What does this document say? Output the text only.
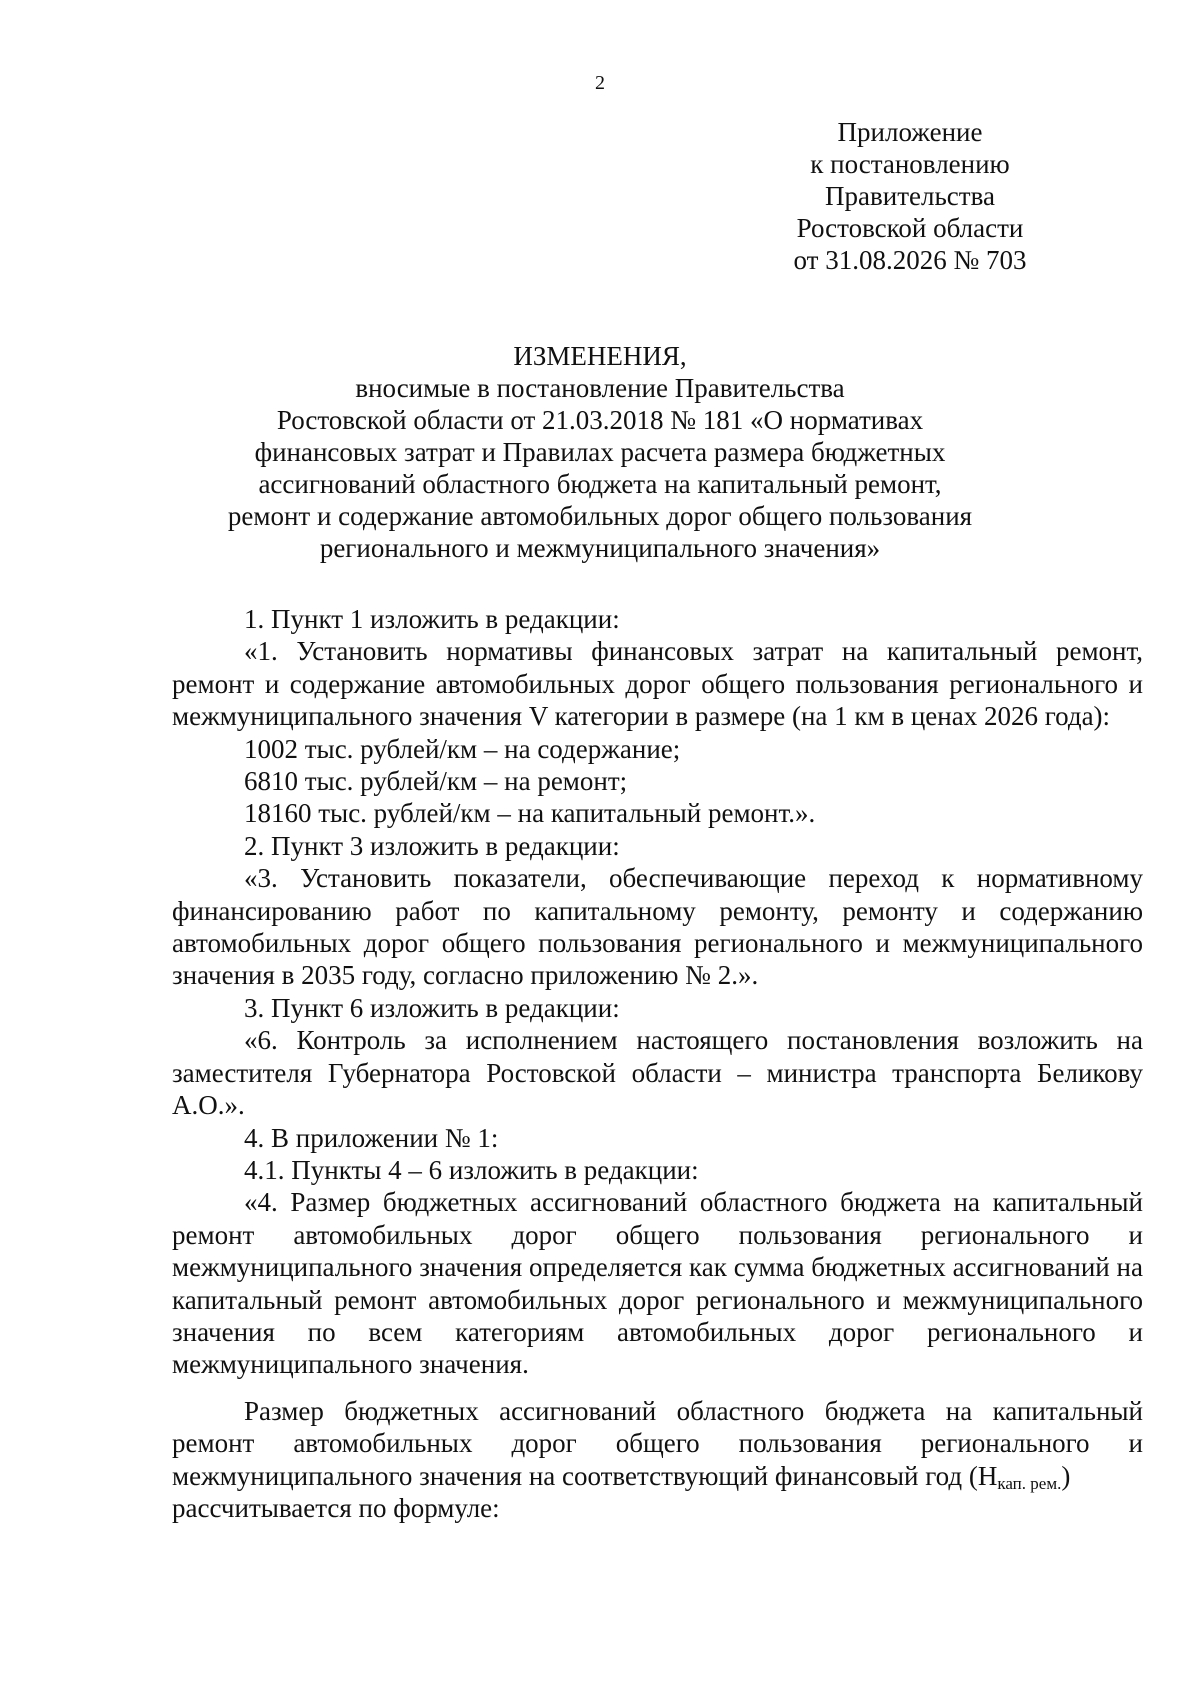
2
Приложение
к постановлению
Правительства
Ростовской области
от 31.08.2026 № 703
ИЗМЕНЕНИЯ,
вносимые в постановление Правительства
Ростовской области от 21.03.2018 № 181 «О нормативах
финансовых затрат и Правилах расчета размера бюджетных
ассигнований областного бюджета на капитальный ремонт,
ремонт и содержание автомобильных дорог общего пользования
регионального и межмуниципального значения»

1. Пункт 1 изложить в редакции:

«1. Установить нормативы финансовых затрат на капитальный ремонт, ремонт и содержание автомобильных дорог общего пользования регионального и межмуниципального значения V категории в размере (на 1 км в ценах 2026 года):

1002 тыс. рублей/км – на содержание;

6810 тыс. рублей/км – на ремонт;

18160 тыс. рублей/км – на капитальный ремонт.».

2. Пункт 3 изложить в редакции:

«3. Установить показатели, обеспечивающие переход к нормативному финансированию работ по капитальному ремонту, ремонту и содержанию автомобильных дорог общего пользования регионального и межмуниципального значения в 2035 году, согласно приложению № 2.».

3. Пункт 6 изложить в редакции:

«6. Контроль за исполнением настоящего постановления возложить на заместителя Губернатора Ростовской области – министра транспорта Беликову А.О.».

4. В приложении № 1:

4.1. Пункты 4 – 6 изложить в редакции:

«4. Размер бюджетных ассигнований областного бюджета на капитальный ремонт автомобильных дорог общего пользования регионального и межмуниципального значения определяется как сумма бюджетных ассигнований на капитальный ремонт автомобильных дорог регионального и межмуниципального значения по всем категориям автомобильных дорог регионального и межмуниципального значения.

Размер бюджетных ассигнований областного бюджета на капитальный ремонт автомобильных дорог общего пользования регионального и межмуниципального значения на соответствующий финансовый год $(Н_{кап. рем.})$

рассчитывается по формуле:
